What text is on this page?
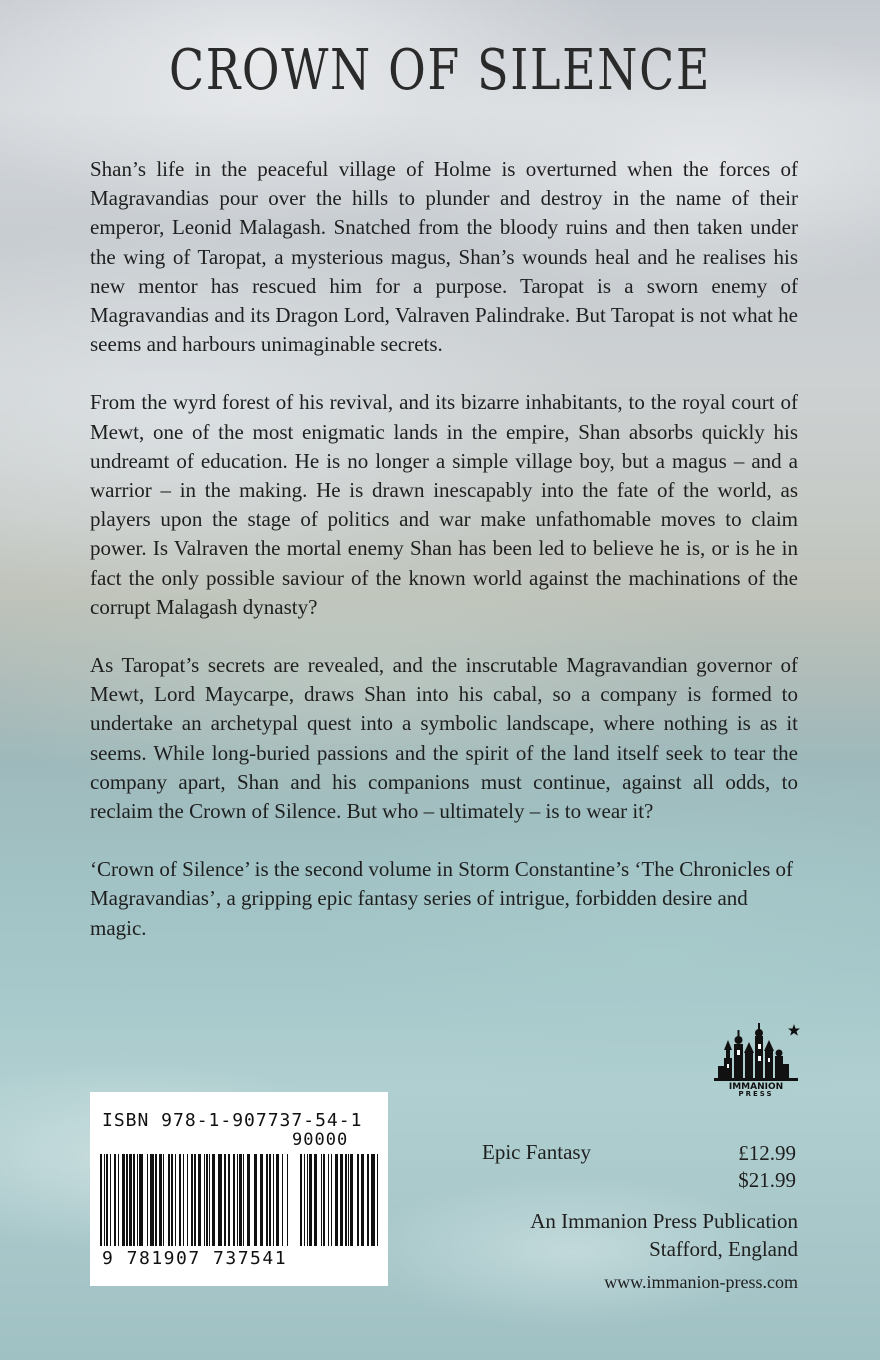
CROWN OF SILENCE

Shan’s life in the peaceful village of Holme is overturned when the forces of Magravandias pour over the hills to plunder and destroy in the name of their emperor, Leonid Malagash. Snatched from the bloody ruins and then taken under the wing of Taropat, a mysterious magus, Shan’s wounds heal and he realises his new mentor has rescued him for a purpose. Taropat is a sworn enemy of Magravandias and its Dragon Lord, Valraven Palindrake. But Taropat is not what he seems and harbours unimaginable secrets.

From the wyrd forest of his revival, and its bizarre inhabitants, to the royal court of Mewt, one of the most enigmatic lands in the empire, Shan absorbs quickly his undreamt of education. He is no longer a simple village boy, but a magus – and a warrior – in the making. He is drawn inescapably into the fate of the world, as players upon the stage of politics and war make unfathomable moves to claim power. Is Valraven the mortal enemy Shan has been led to believe he is, or is he in fact the only possible saviour of the known world against the machinations of the corrupt Malagash dynasty?

As Taropat’s secrets are revealed, and the inscrutable Magravandian governor of Mewt, Lord Maycarpe, draws Shan into his cabal, so a company is formed to undertake an archetypal quest into a symbolic landscape, where nothing is as it seems. While long-buried passions and the spirit of the land itself seek to tear the company apart, Shan and his companions must continue, against all odds, to reclaim the Crown of Silence. But who – ultimately – is to wear it?

‘Crown of Silence’ is the second volume in Storm Constantine’s ‘The Chronicles of Magravandias’, a gripping epic fantasy series of intrigue, forbidden desire and magic.

ISBN 978-1-907737-54-1
90000
9 781907 737541
IMMANION
PRESS
Epic Fantasy	£12.99
$21.99
An Immanion Press Publication
Stafford, England
www.immanion-press.com
